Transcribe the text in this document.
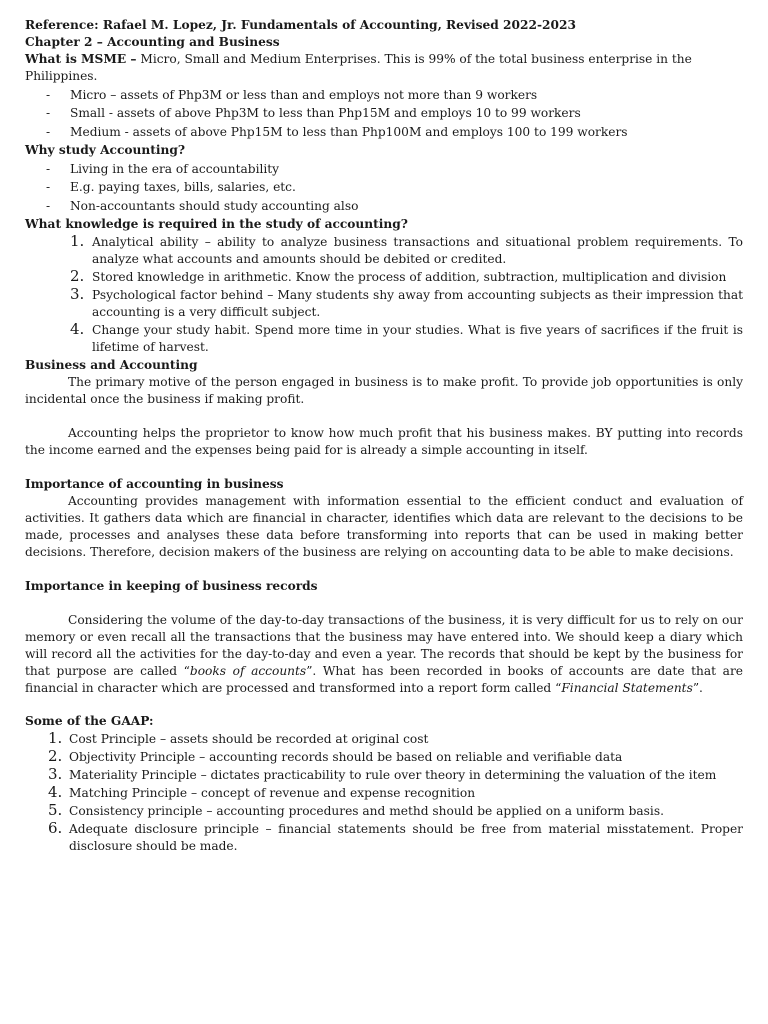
Reference: Rafael M. Lopez, Jr. Fundamentals of Accounting, Revised 2022-2023

Chapter 2 – Accounting and Business

What is MSME – Micro, Small and Medium Enterprises. This is 99% of the total business enterprise in the Philippines.

- Micro – assets of Php3M or less than and employs not more than 9 workers
- Small - assets of above Php3M to less than Php15M and employs 10 to 99 workers
- Medium - assets of above Php15M to less than Php100M and employs 100 to 199 workers

Why study Accounting?

- Living in the era of accountability
- E.g. paying taxes, bills, salaries, etc.
- Non-accountants should study accounting also

What knowledge is required in the study of accounting?

1. Analytical ability – ability to analyze business transactions and situational problem requirements. To analyze what accounts and amounts should be debited or credited.
2. Stored knowledge in arithmetic. Know the process of addition, subtraction, multiplication and division
3. Psychological factor behind – Many students shy away from accounting subjects as their impression that accounting is a very difficult subject.
4. Change your study habit. Spend more time in your studies. What is five years of sacrifices if the fruit is lifetime of harvest.

Business and Accounting

The primary motive of the person engaged in business is to make profit. To provide job opportunities is only incidental once the business if making profit.

Accounting helps the proprietor to know how much profit that his business makes. BY putting into records the income earned and the expenses being paid for is already a simple accounting in itself.

Importance of accounting in business

Accounting provides management with information essential to the efficient conduct and evaluation of activities. It gathers data which are financial in character, identifies which data are relevant to the decisions to be made, processes and analyses these data before transforming into reports that can be used in making better decisions. Therefore, decision makers of the business are relying on accounting data to be able to make decisions.

Importance in keeping of business records

Considering the volume of the day-to-day transactions of the business, it is very difficult for us to rely on our memory or even recall all the transactions that the business may have entered into. We should keep a diary which will record all the activities for the day-to-day and even a year. The records that should be kept by the business for that purpose are called “books of accounts”. What has been recorded in books of accounts are date that are financial in character which are processed and transformed into a report form called “Financial Statements”.

Some of the GAAP:

1. Cost Principle – assets should be recorded at original cost
2. Objectivity Principle – accounting records should be based on reliable and verifiable data
3. Materiality Principle – dictates practicability to rule over theory in determining the valuation of the item
4. Matching Principle – concept of revenue and expense recognition
5. Consistency principle – accounting procedures and methd should be applied on a uniform basis.
6. Adequate disclosure principle – financial statements should be free from material misstatement. Proper disclosure should be made.
